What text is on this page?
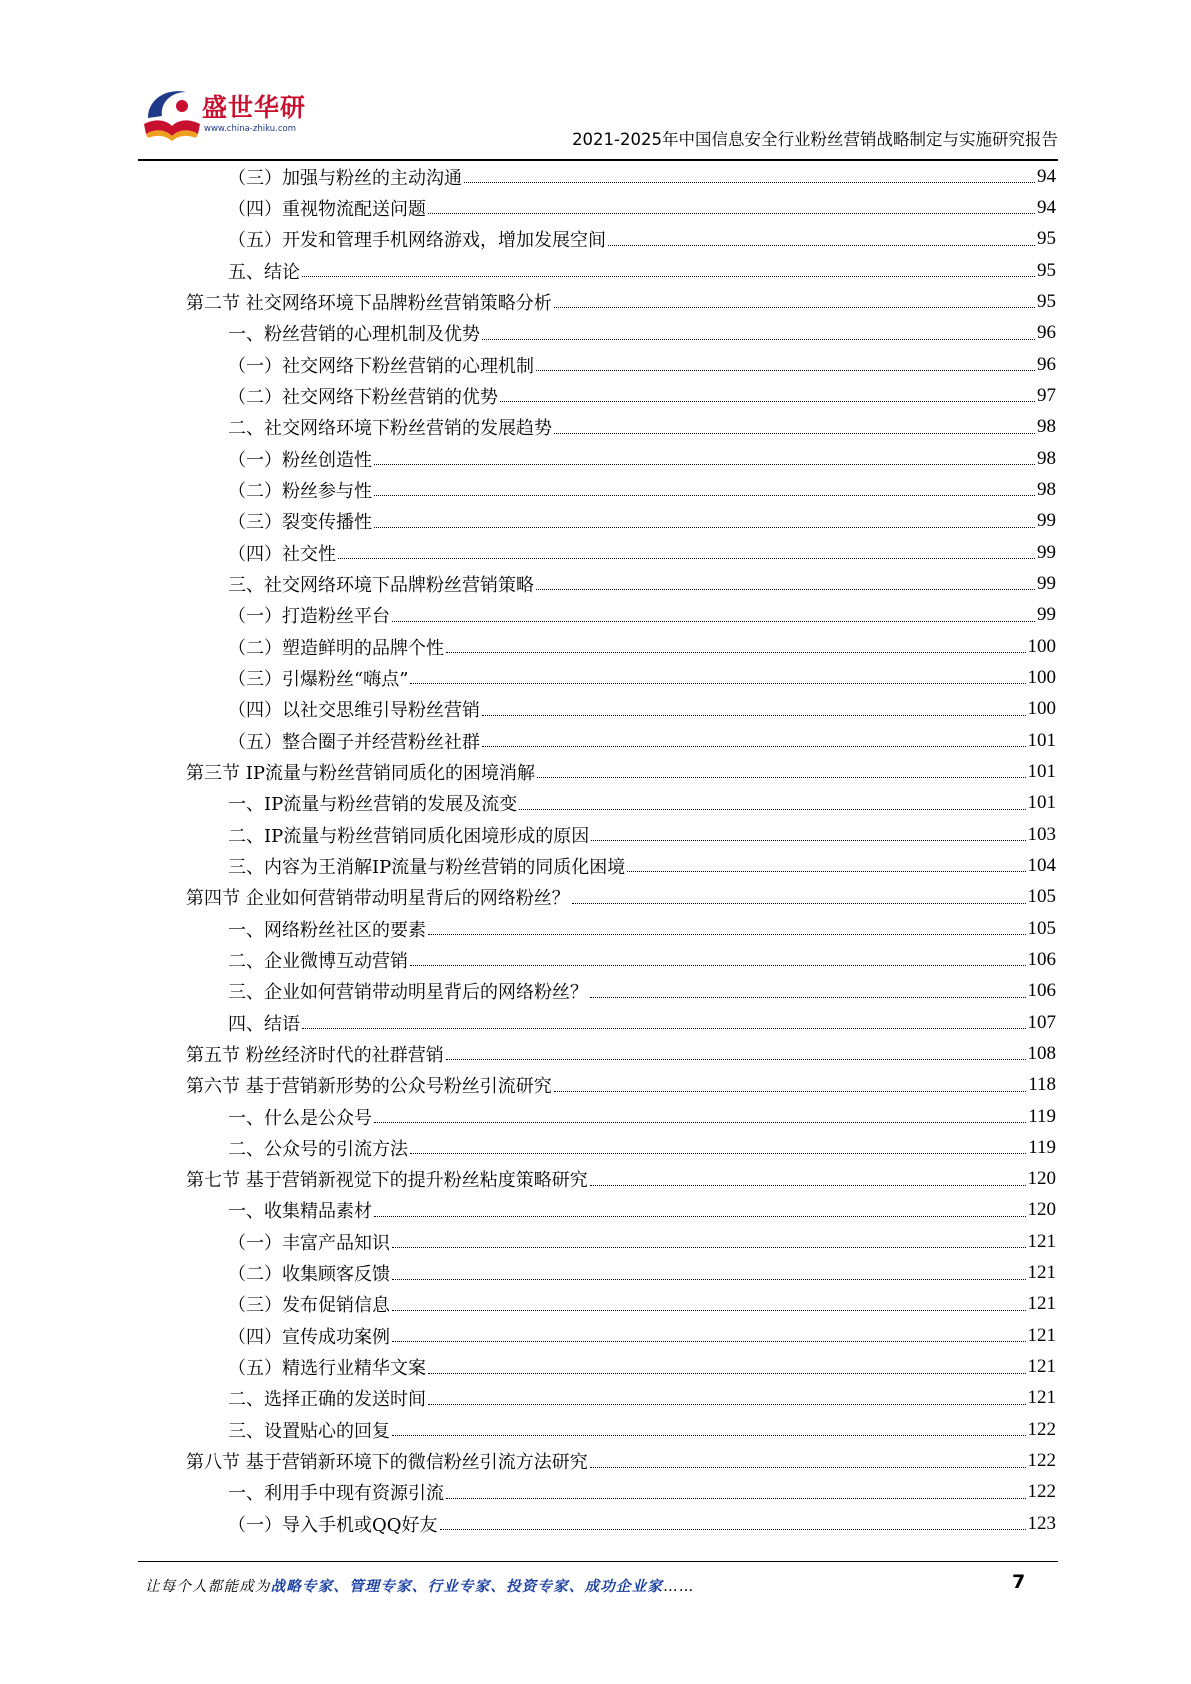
盛世华研
www.china-zhiku.com
2021-2025年中国信息安全行业粉丝营销战略制定与实施研究报告
（三）加强与粉丝的主动沟通	94
（四）重视物流配送问题	94
（五）开发和管理手机网络游戏，增加发展空间	95
五、结论	95
第二节 社交网络环境下品牌粉丝营销策略分析	95
一、粉丝营销的心理机制及优势	96
（一）社交网络下粉丝营销的心理机制	96
（二）社交网络下粉丝营销的优势	97
二、社交网络环境下粉丝营销的发展趋势	98
（一）粉丝创造性	98
（二）粉丝参与性	98
（三）裂变传播性	99
（四）社交性	99
三、社交网络环境下品牌粉丝营销策略	99
（一）打造粉丝平台	99
（二）塑造鲜明的品牌个性	100
（三）引爆粉丝“嗨点”	100
（四）以社交思维引导粉丝营销	100
（五）整合圈子并经营粉丝社群	101
第三节 IP流量与粉丝营销同质化的困境消解	101
一、IP流量与粉丝营销的发展及流变	101
二、IP流量与粉丝营销同质化困境形成的原因	103
三、内容为王消解IP流量与粉丝营销的同质化困境	104
第四节 企业如何营销带动明星背后的网络粉丝？	105
一、网络粉丝社区的要素	105
二、企业微博互动营销	106
三、企业如何营销带动明星背后的网络粉丝？	106
四、结语	107
第五节 粉丝经济时代的社群营销	108
第六节 基于营销新形势的公众号粉丝引流研究	118
一、什么是公众号	119
二、公众号的引流方法	119
第七节 基于营销新视觉下的提升粉丝粘度策略研究	120
一、收集精品素材	120
（一）丰富产品知识	121
（二）收集顾客反馈	121
（三）发布促销信息	121
（四）宣传成功案例	121
（五）精选行业精华文案	121
二、选择正确的发送时间	121
三、设置贴心的回复	122
第八节 基于营销新环境下的微信粉丝引流方法研究	122
一、利用手中现有资源引流	122
（一）导入手机或QQ好友	123
让每个人都能成为战略专家、管理专家、行业专家、投资专家、成功企业家……	7
